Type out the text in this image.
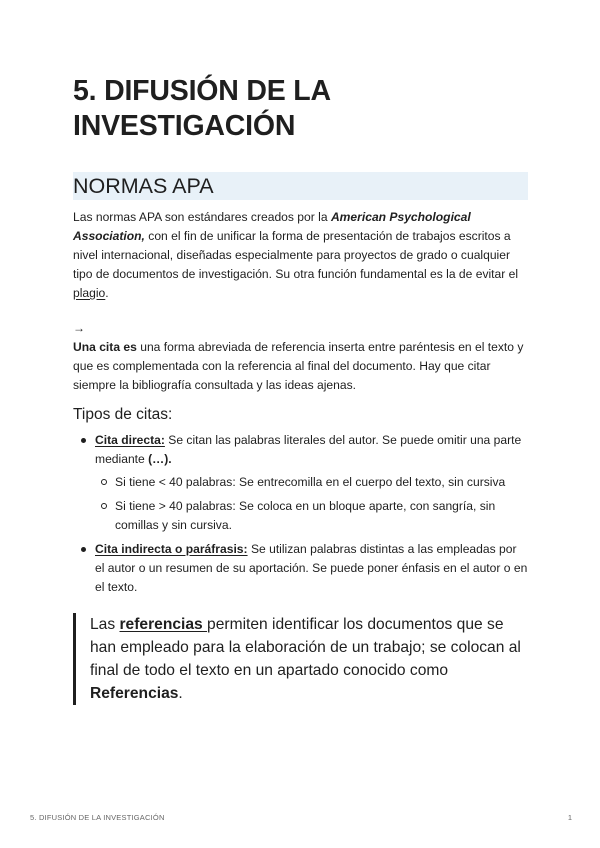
5. DIFUSIÓN DE LA
INVESTIGACIÓN
NORMAS APA

Las normas APA son estándares creados por la American Psychological Association, con el fin de unificar la forma de presentación de trabajos escritos a nivel internacional, diseñadas especialmente para proyectos de grado o cualquier tipo de documentos de investigación. Su otra función fundamental es la de evitar el plagio.

→

Una cita es una forma abreviada de referencia inserta entre paréntesis en el texto y que es complementada con la referencia al final del documento. Hay que citar siempre la bibliografía consultada y las ideas ajenas.

Tipos de citas:
Cita directa: Se citan las palabras literales del autor. Se puede omitir una parte mediante (…).
Si tiene < 40 palabras: Se entrecomilla en el cuerpo del texto, sin cursiva
Si tiene > 40 palabras: Se coloca en un bloque aparte, con sangría, sin comillas y sin cursiva.
Cita indirecta o paráfrasis: Se utilizan palabras distintas a las empleadas por el autor o un resumen de su aportación. Se puede poner énfasis en el autor o en el texto.
Las referencias permiten identificar los documentos que se han empleado para la elaboración de un trabajo; se colocan al final de todo el texto en un apartado conocido como Referencias.
5. DIFUSIÓN DE LA INVESTIGACIÓN	1
